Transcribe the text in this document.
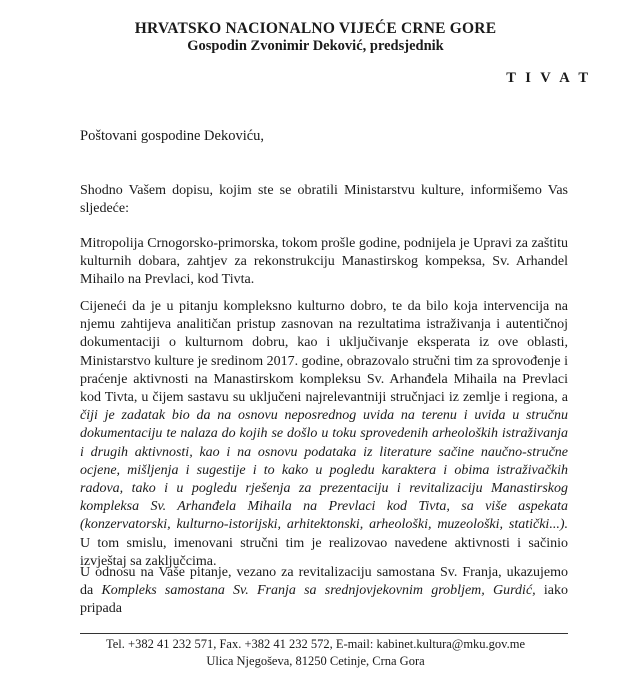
HRVATSKO NACIONALNO VIJEĆE CRNE GORE
Gospodin Zvonimir Deković, predsjednik
T I V A T
Poštovani gospodine Dekoviću,
Shodno Vašem dopisu, kojim ste se obratili Ministarstvu kulture, informišemo Vas sljedeće:
Mitropolija Crnogorsko-primorska, tokom prošle godine, podnijela je Upravi za zaštitu kulturnih dobara, zahtjev za rekonstrukciju Manastirskog kompeksa, Sv. Arhandel Mihailo na Prevlaci, kod Tivta.
Cijeneći da je u pitanju kompleksno kulturno dobro, te da bilo koja intervencija na njemu zahtijeva analitičan pristup zasnovan na rezultatima istraživanja i autentičnoj dokumentaciji o kulturnom dobru, kao i uključivanje eksperata iz ove oblasti, Ministarstvo kulture je sredinom 2017. godine, obrazovalo stručni tim za sprovođenje i praćenje aktivnosti na Manastirskom kompleksu Sv. Arhanđela Mihaila na Prevlaci kod Tivta, u čijem sastavu su uključeni najrelevantniji stručnjaci iz zemlje i regiona, a čiji je zadatak bio da na osnovu neposrednog uvida na terenu i uvida u stručnu dokumentaciju te nalaza do kojih se došlo u toku sprovedenih arheoloških istraživanja i drugih aktivnosti, kao i na osnovu podataka iz literature sačine naučno-stručne ocjene, mišljenja i sugestije i to kako u pogledu karaktera i obima istraživačkih radova, tako i u pogledu rješenja za prezentaciju i revitalizaciju Manastirskog kompleksa Sv. Arhanđela Mihaila na Prevlaci kod Tivta, sa više aspekata (konzervatorski, kulturno-istorijski, arhitektonski, arheološki, muzeološki, statički...). U tom smislu, imenovani stručni tim je realizovao navedene aktivnosti i sačinio izvještaj sa zaključcima.
U odnosu na Vaše pitanje, vezano za revitalizaciju samostana Sv. Franja, ukazujemo da Kompleks samostana Sv. Franja sa srednjovjekovnim grobljem, Gurdić, iako pripada
Tel. +382 41 232 571, Fax. +382 41 232 572, E-mail: kabinet.kultura@mku.gov.me
Ulica Njegoševa, 81250 Cetinje, Crna Gora
